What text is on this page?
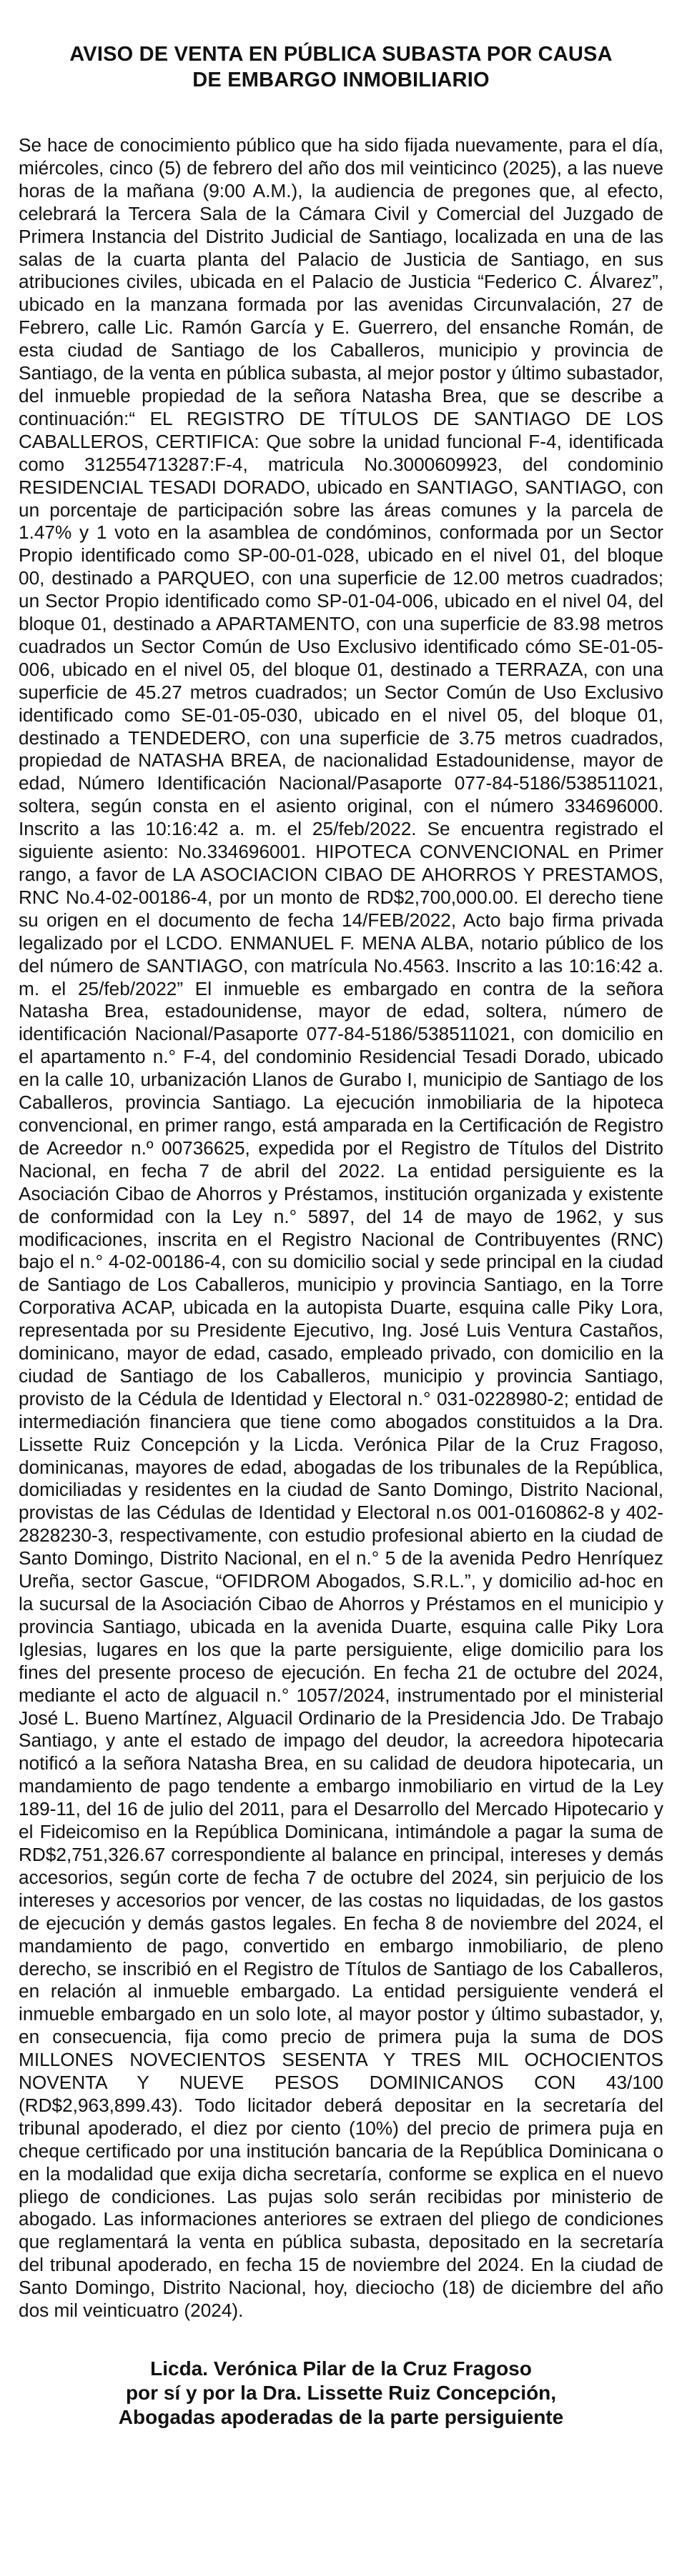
AVISO DE VENTA EN PÚBLICA SUBASTA POR CAUSA
DE EMBARGO INMOBILIARIO

Se hace de conocimiento público que ha sido fijada nuevamente, para el día, miércoles, cinco (5) de febrero del año dos mil veinticinco (2025), a las nueve horas de la mañana (9:00 A.M.), la audiencia de pregones que, al efecto, celebrará la Tercera Sala de la Cámara Civil y Comercial del Juzgado de Primera Instancia del Distrito Judicial de Santiago, localizada en una de las salas de la cuarta planta del Palacio de Justicia de Santiago, en sus atribuciones civiles, ubicada en el Palacio de Justicia “Federico C. Álvarez”, ubicado en la manzana formada por las avenidas Circunvalación, 27 de Febrero, calle Lic. Ramón García y E. Guerrero, del ensanche Román, de esta ciudad de Santiago de los Caballeros, municipio y provincia de Santiago, de la venta en pública subasta, al mejor postor y último subastador, del inmueble propiedad de la señora Natasha Brea, que se describe a continuación:“ EL REGISTRO DE TÍTULOS DE SANTIAGO DE LOS CABALLEROS, CERTIFICA: Que sobre la unidad funcional F-4, identificada como 312554713287:F-4, matricula No.3000609923, del condominio RESIDENCIAL TESADI DORADO, ubicado en SANTIAGO, SANTIAGO, con un porcentaje de participación sobre las áreas comunes y la parcela de 1.47% y 1 voto en la asamblea de condóminos, conformada por un Sector Propio identificado como SP-00-01-028, ubicado en el nivel 01, del bloque 00, destinado a PARQUEO, con una superficie de 12.00 metros cuadrados; un Sector Propio identificado como SP-01-04-006, ubicado en el nivel 04, del bloque 01, destinado a APARTAMENTO, con una superficie de 83.98 metros cuadrados un Sector Común de Uso Exclusivo identificado cómo SE-01-05-006, ubicado en el nivel 05, del bloque 01, destinado a TERRAZA, con una superficie de 45.27 metros cuadrados; un Sector Común de Uso Exclusivo identificado como SE-01-05-030, ubicado en el nivel 05, del bloque 01, destinado a TENDEDERO, con una superficie de 3.75 metros cuadrados, propiedad de NATASHA BREA, de nacionalidad Estadounidense, mayor de edad, Número Identificación Nacional/Pasaporte 077-84-5186/538511021, soltera, según consta en el asiento original, con el número 334696000. Inscrito a las 10:16:42 a. m. el 25/feb/2022. Se encuentra registrado el siguiente asiento: No.334696001. HIPOTECA CONVENCIONAL en Primer rango, a favor de LA ASOCIACION CIBAO DE AHORROS Y PRESTAMOS, RNC No.4-02-00186-4, por un monto de RD$2,700,000.00. El derecho tiene su origen en el documento de fecha 14/FEB/2022, Acto bajo firma privada legalizado por el LCDO. ENMANUEL F. MENA ALBA, notario público de los del número de SANTIAGO, con matrícula No.4563. Inscrito a las 10:16:42 a. m. el 25/feb/2022” El inmueble es embargado en contra de la señora Natasha Brea, estadounidense, mayor de edad, soltera, número de identificación Nacional/Pasaporte 077-84-5186/538511021, con domicilio en el apartamento n.° F-4, del condominio Residencial Tesadi Dorado, ubicado en la calle 10, urbanización Llanos de Gurabo I, municipio de Santiago de los Caballeros, provincia Santiago. La ejecución inmobiliaria de la hipoteca convencional, en primer rango, está amparada en la Certificación de Registro de Acreedor n.º 00736625, expedida por el Registro de Títulos del Distrito Nacional, en fecha 7 de abril del 2022. La entidad persiguiente es la Asociación Cibao de Ahorros y Préstamos, institución organizada y existente de conformidad con la Ley n.° 5897, del 14 de mayo de 1962, y sus modificaciones, inscrita en el Registro Nacional de Contribuyentes (RNC) bajo el n.° 4-02-00186-4, con su domicilio social y sede principal en la ciudad de Santiago de Los Caballeros, municipio y provincia Santiago, en la Torre Corporativa ACAP, ubicada en la autopista Duarte, esquina calle Piky Lora, representada por su Presidente Ejecutivo, Ing. José Luis Ventura Castaños, dominicano, mayor de edad, casado, empleado privado, con domicilio en la ciudad de Santiago de los Caballeros, municipio y provincia Santiago, provisto de la Cédula de Identidad y Electoral n.° 031-0228980-2; entidad de intermediación financiera que tiene como abogados constituidos a la Dra. Lissette Ruiz Concepción y la Licda. Verónica Pilar de la Cruz Fragoso, dominicanas, mayores de edad, abogadas de los tribunales de la República, domiciliadas y residentes en la ciudad de Santo Domingo, Distrito Nacional, provistas de las Cédulas de Identidad y Electoral n.os 001-0160862-8 y 402-2828230-3, respectivamente, con estudio profesional abierto en la ciudad de Santo Domingo, Distrito Nacional, en el n.° 5 de la avenida Pedro Henríquez Ureña, sector Gascue, “OFIDROM Abogados, S.R.L.”, y domicilio ad-hoc en la sucursal de la Asociación Cibao de Ahorros y Préstamos en el municipio y provincia Santiago, ubicada en la avenida Duarte, esquina calle Piky Lora Iglesias, lugares en los que la parte persiguiente, elige domicilio para los fines del presente proceso de ejecución. En fecha 21 de octubre del 2024, mediante el acto de alguacil n.° 1057/2024, instrumentado por el ministerial José L. Bueno Martínez, Alguacil Ordinario de la Presidencia Jdo. De Trabajo Santiago, y ante el estado de impago del deudor, la acreedora hipotecaria notificó a la señora Natasha Brea, en su calidad de deudora hipotecaria, un mandamiento de pago tendente a embargo inmobiliario en virtud de la Ley 189-11, del 16 de julio del 2011, para el Desarrollo del Mercado Hipotecario y el Fideicomiso en la República Dominicana, intimándole a pagar la suma de RD$2,751,326.67 correspondiente al balance en principal, intereses y demás accesorios, según corte de fecha 7 de octubre del 2024, sin perjuicio de los intereses y accesorios por vencer, de las costas no liquidadas, de los gastos de ejecución y demás gastos legales. En fecha 8 de noviembre del 2024, el mandamiento de pago, convertido en embargo inmobiliario, de pleno derecho, se inscribió en el Registro de Títulos de Santiago de los Caballeros, en relación al inmueble embargado. La entidad persiguiente venderá el inmueble embargado en un solo lote, al mayor postor y último subastador, y, en consecuencia, fija como precio de primera puja la suma de DOS MILLONES NOVECIENTOS SESENTA Y TRES MIL OCHOCIENTOS NOVENTA Y NUEVE PESOS DOMINICANOS CON 43/100 (RD$2,963,899.43). Todo licitador deberá depositar en la secretaría del tribunal apoderado, el diez por ciento (10%) del precio de primera puja en cheque certificado por una institución bancaria de la República Dominicana o en la modalidad que exija dicha secretaría, conforme se explica en el nuevo pliego de condiciones. Las pujas solo serán recibidas por ministerio de abogado. Las informaciones anteriores se extraen del pliego de condiciones que reglamentará la venta en pública subasta, depositado en la secretaría del tribunal apoderado, en fecha 15 de noviembre del 2024. En la ciudad de Santo Domingo, Distrito Nacional, hoy, dieciocho (18) de diciembre del año dos mil veinticuatro (2024).

Licda. Verónica Pilar de la Cruz Fragoso
por sí y por la Dra. Lissette Ruiz Concepción,
Abogadas apoderadas de la parte persiguiente
